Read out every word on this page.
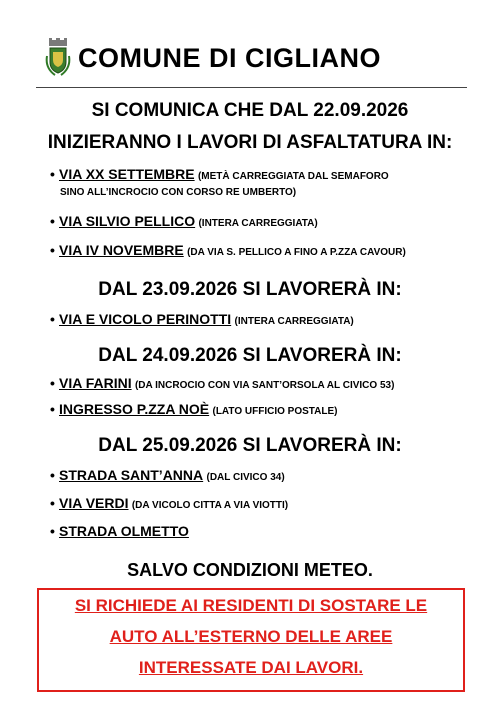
COMUNE DI CIGLIANO
SI COMUNICA CHE DAL 22.09.2026
INIZIERANNO I LAVORI DI ASFALTATURA IN:
• VIA XX SETTEMBRE (METÀ CARREGGIATA DAL SEMAFORO
SINO ALL’INCROCIO CON CORSO RE UMBERTO)
• VIA SILVIO PELLICO (INTERA CARREGGIATA)
• VIA IV NOVEMBRE (DA VIA S. PELLICO A FINO A P.ZZA CAVOUR)
DAL 23.09.2026 SI LAVORERÀ IN:
• VIA E VICOLO PERINOTTI (INTERA CARREGGIATA)
DAL 24.09.2026 SI LAVORERÀ IN:
• VIA FARINI (DA INCROCIO CON VIA SANT’ORSOLA AL CIVICO 53)
• INGRESSO P.ZZA NOÈ (LATO UFFICIO POSTALE)
DAL 25.09.2026 SI LAVORERÀ IN:
• STRADA SANT’ANNA (DAL CIVICO 34)
• VIA VERDI (DA VICOLO CITTA A VIA VIOTTI)
• STRADA OLMETTO
SALVO CONDIZIONI METEO.
SI RICHIEDE AI RESIDENTI DI SOSTARE LE
AUTO ALL’ESTERNO DELLE AREE
INTERESSATE DAI LAVORI.
